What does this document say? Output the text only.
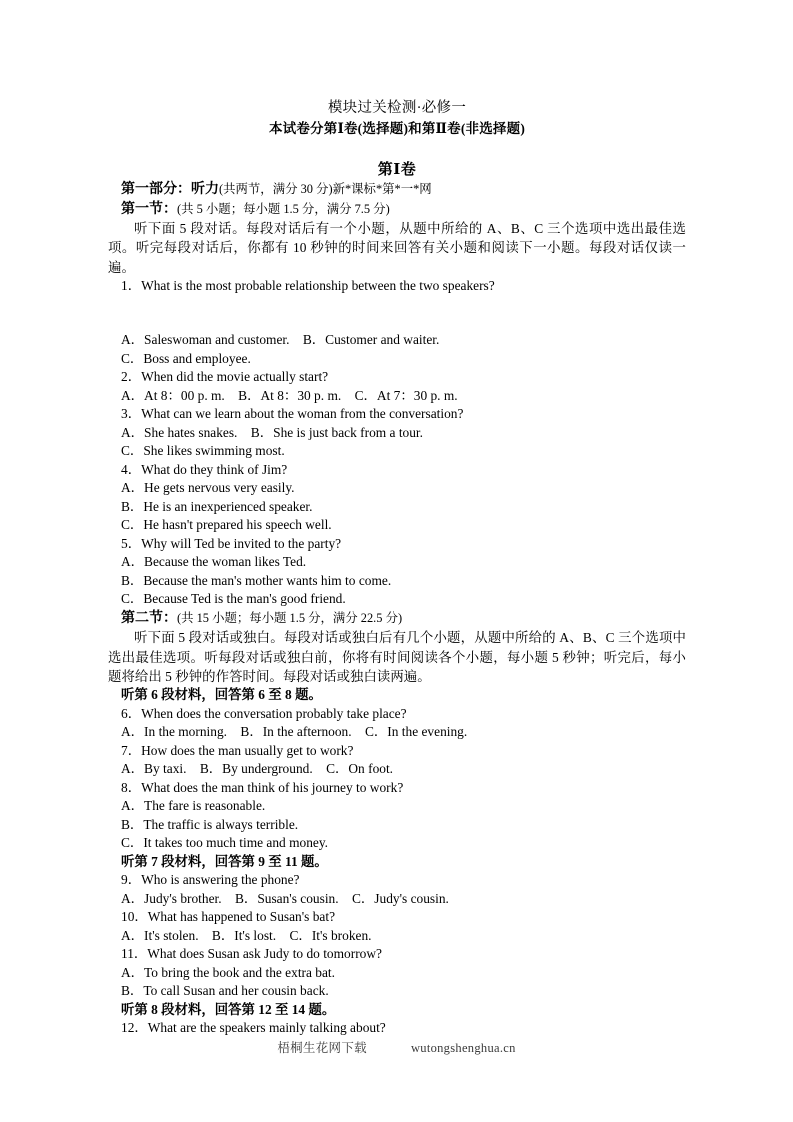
模块过关检测·必修一
本试卷分第Ⅰ卷(选择题)和第Ⅱ卷(非选择题)
第Ⅰ卷
第一部分：听力(共两节，满分 30 分)新*课标*第*一*网
第一节：(共 5 小题；每小题 1.5 分，满分 7.5 分)
听下面 5 段对话。每段对话后有一个小题，从题中所给的 A、B、C 三个选项中选出最佳选项。听完每段对话后，你都有 10 秒钟的时间来回答有关小题和阅读下一小题。每段对话仅读一遍。
1．What is the most probable relationship between the two speakers?
A．Saleswoman and customer.　B．Customer and waiter.
C．Boss and employee.
2．When did the movie actually start?
A．At 8：00 p. m.　B．At 8：30 p. m.　C．At 7：30 p. m.
3．What can we learn about the woman from the conversation?
A．She hates snakes.　B．She is just back from a tour.
C．She likes swimming most.
4．What do they think of Jim?
A．He gets nervous very easily.
B．He is an inexperienced speaker.
C．He hasn't prepared his speech well.
5．Why will Ted be invited to the party?
A．Because the woman likes Ted.
B．Because the man's mother wants him to come.
C．Because Ted is the man's good friend.
第二节：(共 15 小题；每小题 1.5 分，满分 22.5 分)
听下面 5 段对话或独白。每段对话或独白后有几个小题，从题中所给的 A、B、C 三个选项中选出最佳选项。听每段对话或独白前，你将有时间阅读各个小题，每小题 5 秒钟；听完后，每小题将给出 5 秒钟的作答时间。每段对话或独白读两遍。
听第 6 段材料，回答第 6 至 8 题。
6．When does the conversation probably take place?
A．In the morning.　B．In the afternoon.　C．In the evening.
7．How does the man usually get to work?
A．By taxi.　B．By underground.　C．On foot.
8．What does the man think of his journey to work?
A．The fare is reasonable.
B．The traffic is always terrible.
C．It takes too much time and money.
听第 7 段材料，回答第 9 至 11 题。
9．Who is answering the phone?
A．Judy's brother.　B．Susan's cousin.　C．Judy's cousin.
10．What has happened to Susan's bat?
A．It's stolen.　B．It's lost.　C．It's broken.
11．What does Susan ask Judy to do tomorrow?
A．To bring the book and the extra bat.
B．To call Susan and her cousin back.
听第 8 段材料，回答第 12 至 14 题。
12．What are the speakers mainly talking about?
梧桐生花网下载	wutongshenghua.cn
